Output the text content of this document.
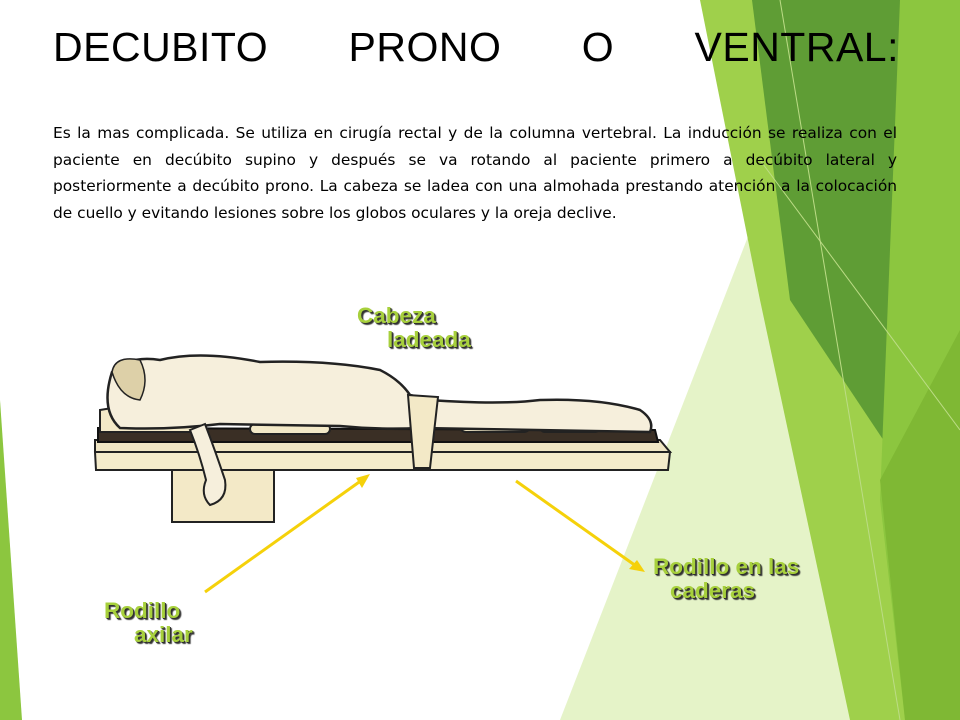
DECUBITO PRONO O VENTRAL:

Es la mas complicada. Se utiliza en cirugía rectal y de la columna vertebral. La inducción se realiza con el paciente en decúbito supino y después se va rotando al paciente primero a decúbito lateral y posteriormente a decúbito prono. La cabeza se ladea con una almohada prestando atención a la colocación de cuello y evitando lesiones sobre los globos oculares y la oreja declive.

Cabeza
ladeada
Rodillo en las
caderas
Rodillo
axilar
